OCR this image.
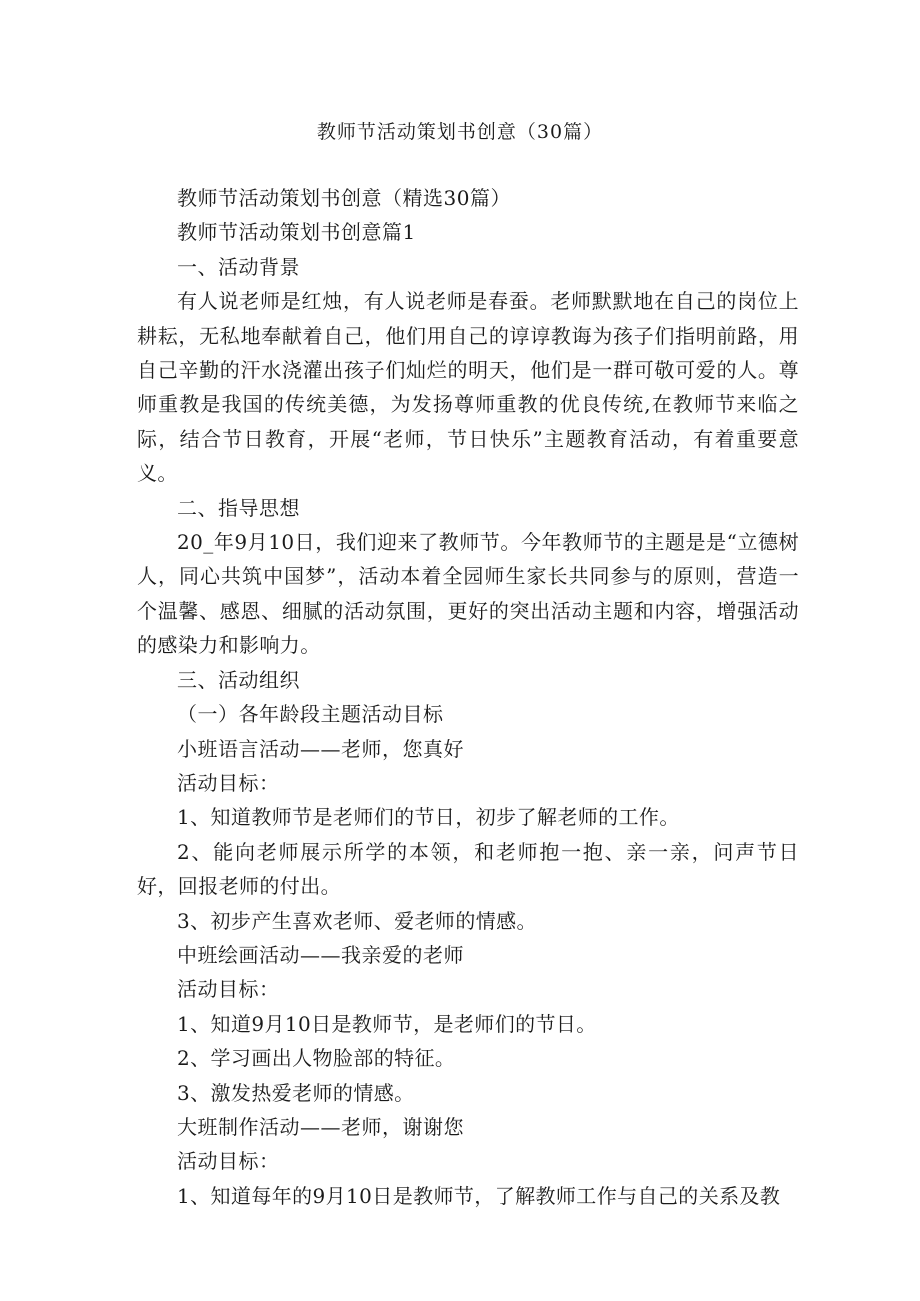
教师节活动策划书创意（30篇）
教师节活动策划书创意（精选30篇）
教师节活动策划书创意篇1
一、活动背景
有人说老师是红烛，有人说老师是春蚕。老师默默地在自己的岗位上耕耘，无私地奉献着自己，他们用自己的谆谆教诲为孩子们指明前路，用自己辛勤的汗水浇灌出孩子们灿烂的明天，他们是一群可敬可爱的人。尊师重教是我国的传统美德，为发扬尊师重教的优良传统,在教师节来临之际，结合节日教育，开展“老师，节日快乐”主题教育活动，有着重要意义。
二、指导思想
20_年9月10日，我们迎来了教师节。今年教师节的主题是是“立德树人，同心共筑中国梦”，活动本着全园师生家长共同参与的原则，营造一个温馨、感恩、细腻的活动氛围，更好的突出活动主题和内容，增强活动的感染力和影响力。
三、活动组织
（一）各年龄段主题活动目标
小班语言活动——老师，您真好
活动目标：
1、知道教师节是老师们的节日，初步了解老师的工作。
2、能向老师展示所学的本领，和老师抱一抱、亲一亲，问声节日好，回报老师的付出。
3、初步产生喜欢老师、爱老师的情感。
中班绘画活动——我亲爱的老师
活动目标：
1、知道9月10日是教师节，是老师们的节日。
2、学习画出人物脸部的特征。
3、激发热爱老师的情感。
大班制作活动——老师，谢谢您
活动目标：
1、知道每年的9月10日是教师节，了解教师工作与自己的关系及教
